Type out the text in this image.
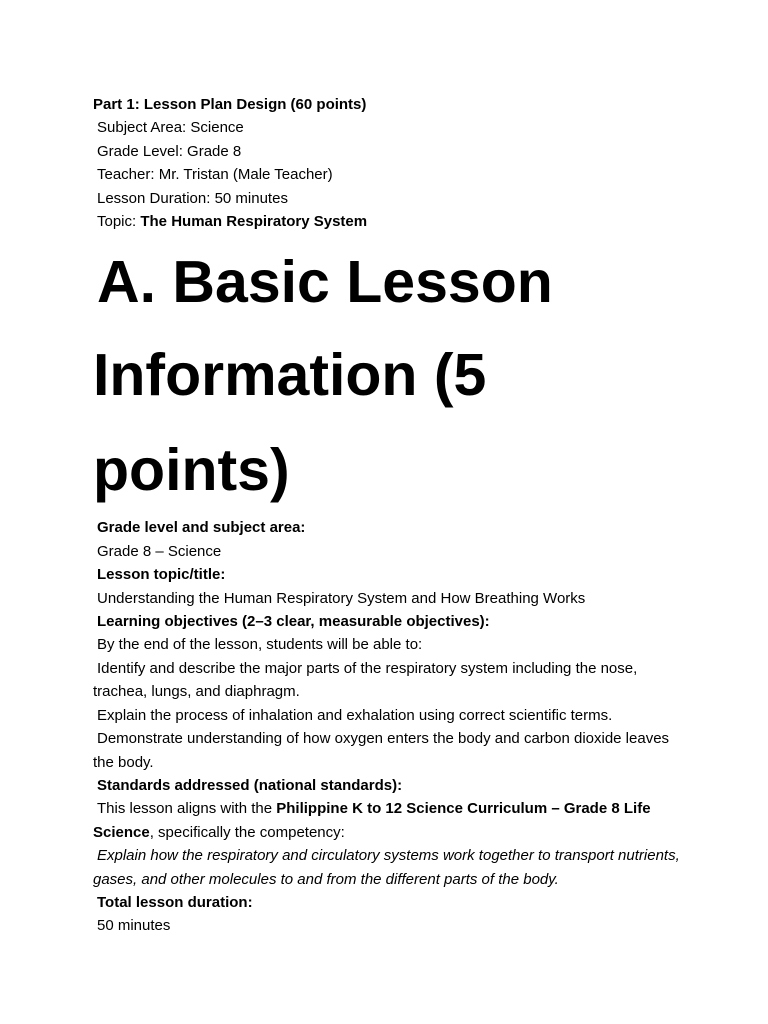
Part 1: Lesson Plan Design (60 points)
Subject Area: Science
Grade Level: Grade 8
Teacher: Mr. Tristan (Male Teacher)
Lesson Duration: 50 minutes
Topic: The Human Respiratory System
A. Basic Lesson
Information (5
points)
Grade level and subject area:
Grade 8 – Science
Lesson topic/title:
Understanding the Human Respiratory System and How Breathing Works
Learning objectives (2–3 clear, measurable objectives):
By the end of the lesson, students will be able to:

Identify and describe the major parts of the respiratory system including the nose, trachea, lungs, and diaphragm.

Explain the process of inhalation and exhalation using correct scientific terms.

Demonstrate understanding of how oxygen enters the body and carbon dioxide leaves the body.

Standards addressed (national standards):

This lesson aligns with the Philippine K to 12 Science Curriculum – Grade 8 Life Science, specifically the competency:

Explain how the respiratory and circulatory systems work together to transport nutrients, gases, and other molecules to and from the different parts of the body.

Total lesson duration:
50 minutes
